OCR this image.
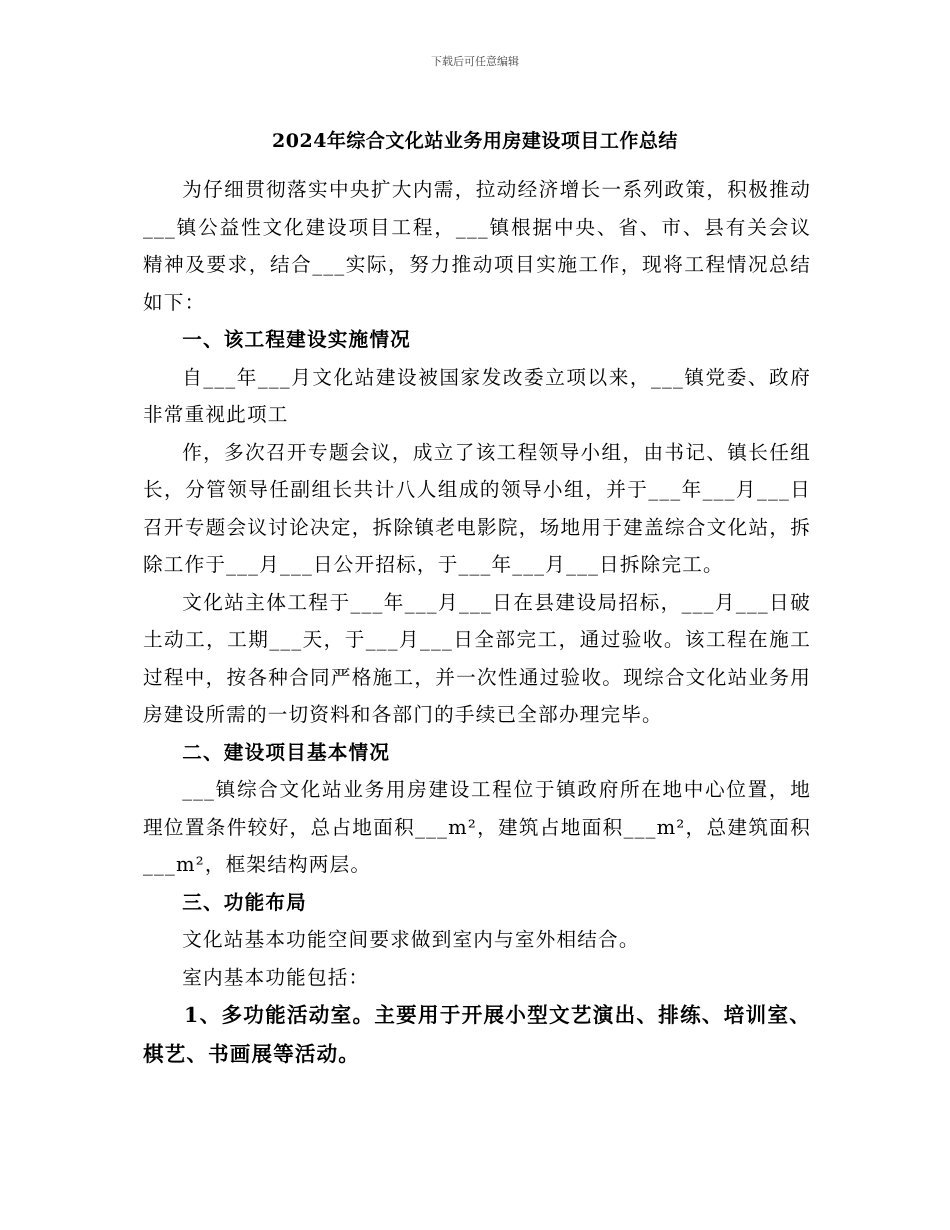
下载后可任意编辑
2024年综合文化站业务用房建设项目工作总结

为仔细贯彻落实中央扩大内需，拉动经济增长一系列政策，积极推动___镇公益性文化建设项目工程，___镇根据中央、省、市、县有关会议精神及要求，结合___实际，努力推动项目实施工作，现将工程情况总结如下：

一、该工程建设实施情况

自___年___月文化站建设被国家发改委立项以来，___镇党委、政府非常重视此项工

作，多次召开专题会议，成立了该工程领导小组，由书记、镇长任组长，分管领导任副组长共计八人组成的领导小组，并于___年___月___日召开专题会议讨论决定，拆除镇老电影院，场地用于建盖综合文化站，拆除工作于___月___日公开招标，于___年___月___日拆除完工。

文化站主体工程于___年___月___日在县建设局招标，___月___日破土动工，工期___天，于___月___日全部完工，通过验收。该工程在施工过程中，按各种合同严格施工，并一次性通过验收。现综合文化站业务用房建设所需的一切资料和各部门的手续已全部办理完毕。

二、建设项目基本情况

___镇综合文化站业务用房建设工程位于镇政府所在地中心位置，地理位置条件较好，总占地面积___m²，建筑占地面积___m²，总建筑面积___m²，框架结构两层。

三、功能布局

文化站基本功能空间要求做到室内与室外相结合。

室内基本功能包括：

1、多功能活动室。主要用于开展小型文艺演出、排练、培训室、棋艺、书画展等活动。
